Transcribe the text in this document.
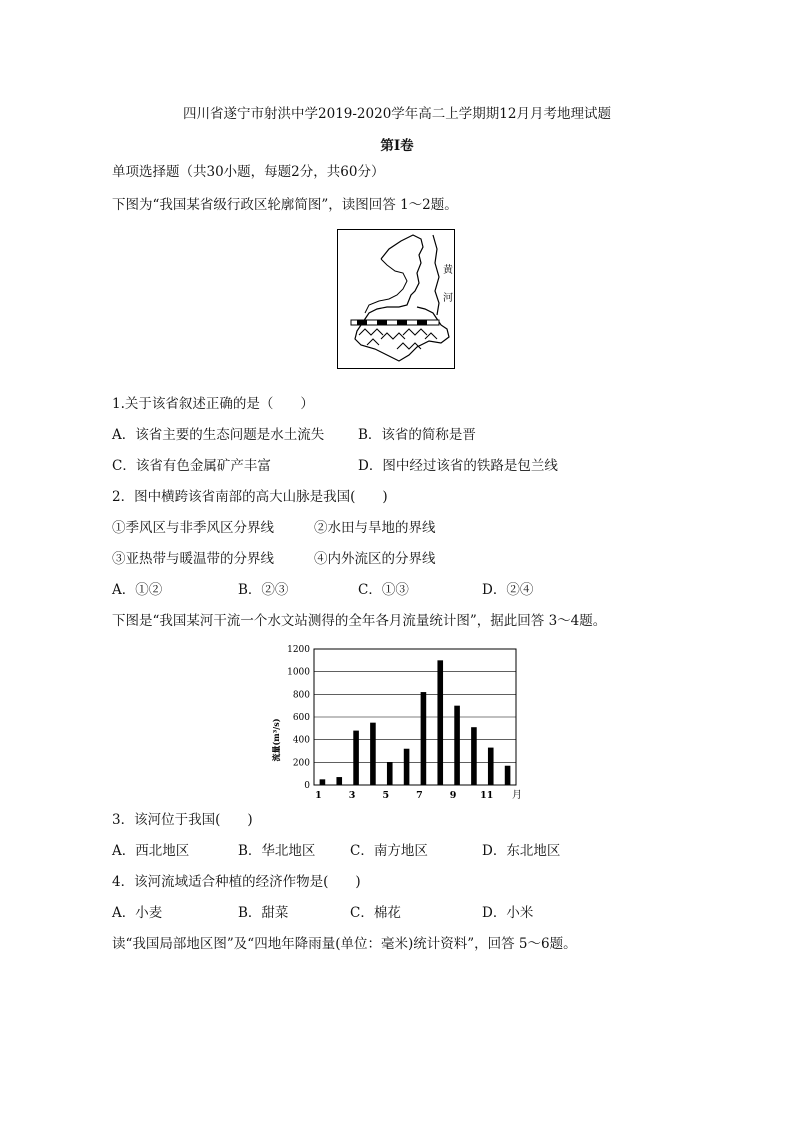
四川省遂宁市射洪中学2019-2020学年高二上学期期12月月考地理试题
第Ⅰ卷
单项选择题（共30小题，每题2分，共60分）
下图为“我国某省级行政区轮廓简图”，读图回答 1～2题。
黄
河
1.关于该省叙述正确的是（　　）
A．该省主要的生态问题是水土流失	B．该省的简称是晋
C．该省有色金属矿产丰富	D．图中经过该省的铁路是包兰线
2．图中横跨该省南部的高大山脉是我国(　　)
①季风区与非季风区分界线	②水田与旱地的界线
③亚热带与暖温带的分界线	④内外流区的分界线
A．①②	B．②③	C．①③	D．②④
下图是“我国某河干流一个水文站测得的全年各月流量统计图”，据此回答 3～4题。
0
200
400
600
800
1000
1200
1	3	5	7	9 11
流量(m³/s)
月
3．该河位于我国(　　)
A．西北地区	B．华北地区	C．南方地区	D．东北地区
4．该河流域适合种植的经济作物是(　　)
A．小麦	B．甜菜	C．棉花	D．小米
读“我国局部地区图”及“四地年降雨量(单位：毫米)统计资料”，回答 5～6题。
